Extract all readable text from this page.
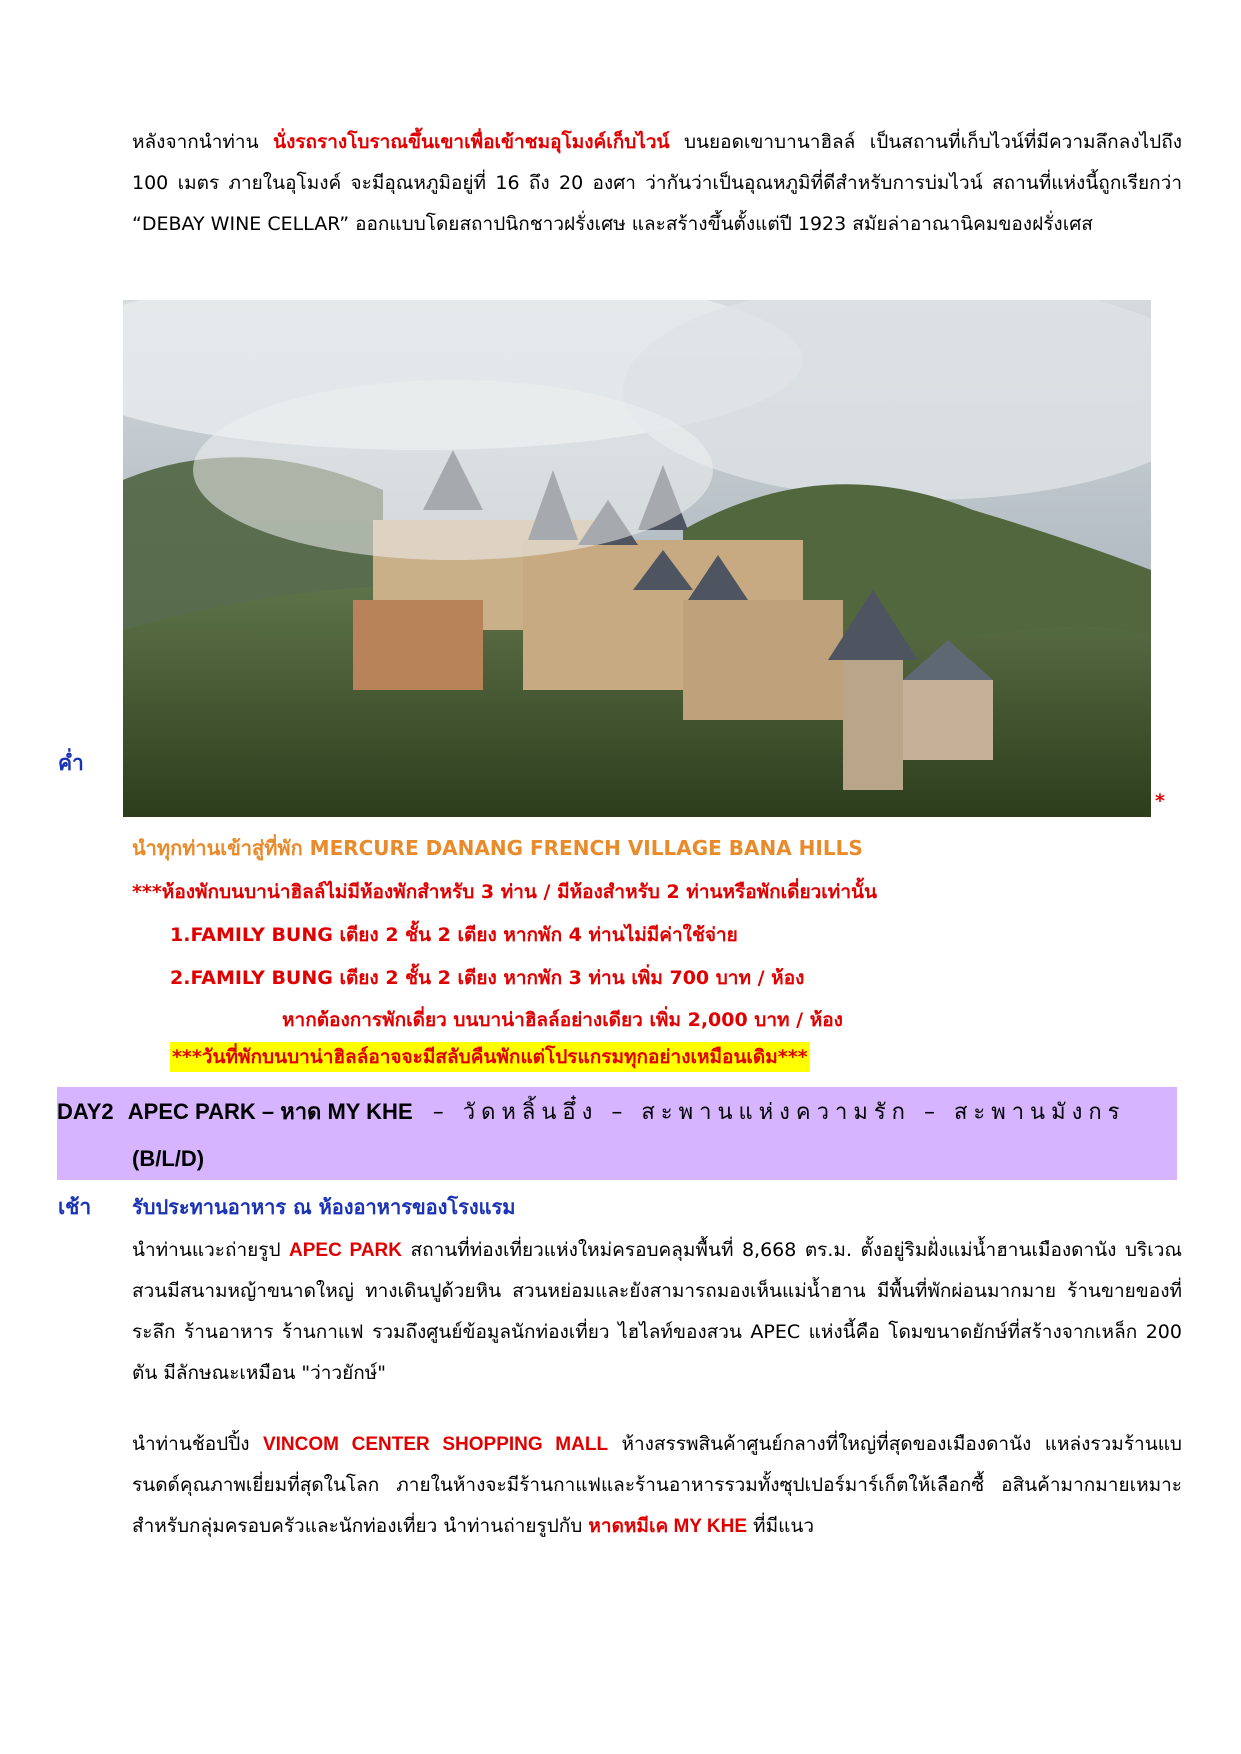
หลังจากนำท่าน นั่งรถรางโบราณขึ้นเขาเพื่อเข้าชมอุโมงค์เก็บไวน์ บนยอดเขาบานาฮิลล์ เป็นสถานที่เก็บไวน์ที่มีความลึกลงไปถึง 100 เมตร ภายในอุโมงค์ จะมีอุณหภูมิอยู่ที่ 16 ถึง 20 องศา ว่ากันว่าเป็นอุณหภูมิที่ดีสำหรับการบ่มไวน์ สถานที่แห่งนี้ถูกเรียกว่า “DEBAY WINE CELLAR” ออกแบบโดยสถาปนิกชาวฝรั่งเศษ และสร้างขึ้นตั้งแต่ปี 1923 สมัยล่าอาณานิคมของฝรั่งเศส

ค่ำ
*
นำทุกท่านเข้าสู่ที่พัก MERCURE DANANG FRENCH VILLAGE BANA HILLS
***ห้องพักบนบาน่าฮิลล์ไม่มีห้องพักสำหรับ 3 ท่าน / มีห้องสำหรับ 2 ท่านหรือพักเดี่ยวเท่านั้น
1.FAMILY BUNG เตียง 2 ชั้น 2 เตียง หากพัก 4 ท่านไม่มีค่าใช้จ่าย
2.FAMILY BUNG เตียง 2 ชั้น 2 เตียง หากพัก 3 ท่าน เพิ่ม 700 บาท / ห้อง
หากต้องการพักเดี่ยว บนบาน่าฮิลล์อย่างเดียว เพิ่ม 2,000 บาท / ห้อง
***วันที่พักบนบาน่าฮิลล์อาจจะมีสลับคืนพักแต่โปรแกรมทุกอย่างเหมือนเดิม***
DAY2 APEC PARK – หาด MY KHE – วัดหลิ้นอึ๋ง – สะพานแห่งความรัก – สะพานมังกร
(B/L/D)
เช้า รับประทานอาหาร ณ ห้องอาหารของโรงแรม

นำท่านแวะถ่ายรูป APEC PARK สถานที่ท่องเที่ยวแห่งใหม่ครอบคลุมพื้นที่ 8,668 ตร.ม. ตั้งอยู่ริมฝั่งแม่น้ำฮานเมืองดานัง บริเวณสวนมีสนามหญ้าขนาดใหญ่ ทางเดินปูด้วยหิน สวนหย่อมและยังสามารถมองเห็นแม่น้ำฮาน มีพื้นที่พักผ่อนมากมาย ร้านขายของที่ระลึก ร้านอาหาร ร้านกาแฟ รวมถึงศูนย์ข้อมูลนักท่องเที่ยว ไฮไลท์ของสวน APEC แห่งนี้คือ โดมขนาดยักษ์ที่สร้างจากเหล็ก 200 ตัน มีลักษณะเหมือน "ว่าวยักษ์"

นำท่านช้อปปิ้ง VINCOM CENTER SHOPPING MALL ห้างสรรพสินค้าศูนย์กลางที่ใหญ่ที่สุดของเมืองดานัง แหล่งรวมร้านแบรนดด์คุณภาพเยี่ยมที่สุดในโลก ภายในห้างจะมีร้านกาแฟและร้านอาหารรวมทั้งซุปเปอร์มาร์เก็ตให้เลือกซื้ อสินค้ามากมายเหมาะสำหรับกลุ่มครอบครัวและนักท่องเที่ยว นำท่านถ่ายรูปกับ หาดหมีเค MY KHE ที่มีแนว
